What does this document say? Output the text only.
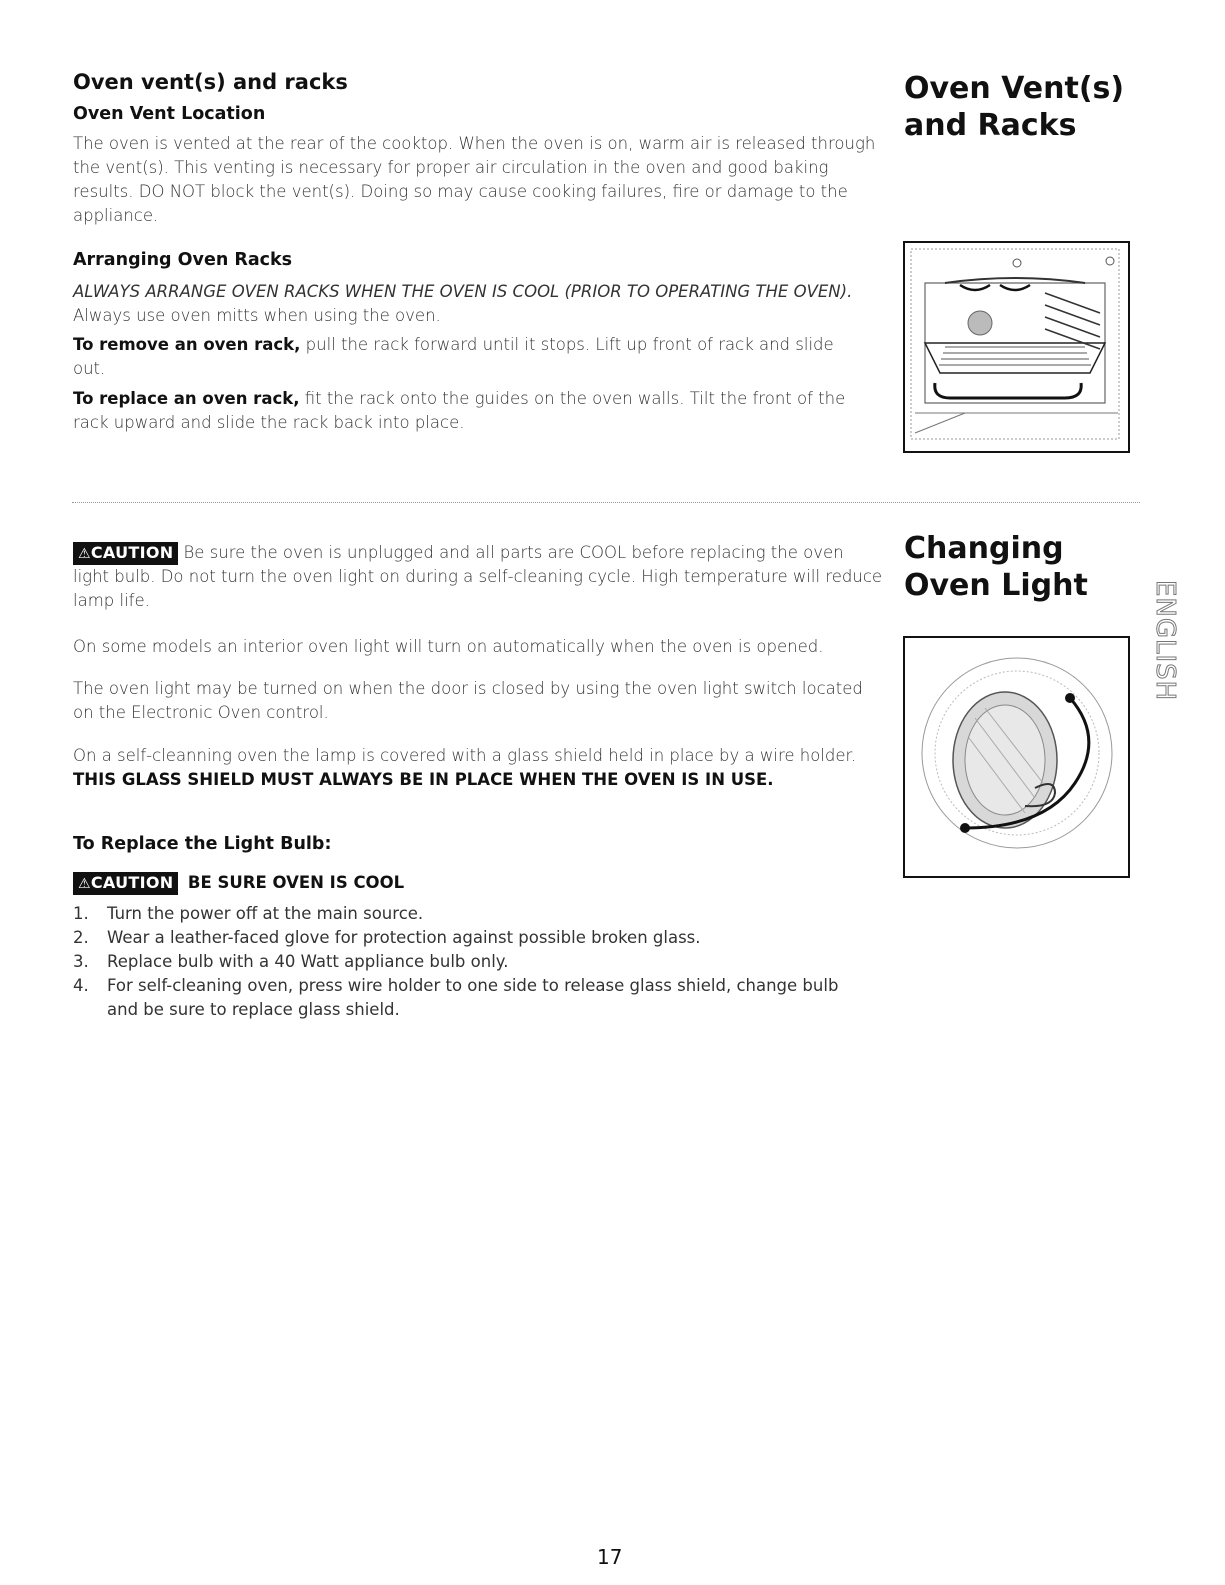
Oven vent(s) and racks
Oven Vent Location

The oven is vented at the rear of the cooktop. When the oven is on, warm air is released through the vent(s). This venting is necessary for proper air circulation in the oven and good baking results. DO NOT block the vent(s). Doing so may cause cooking failures, fire or damage to the appliance.

Arranging Oven Racks

ALWAYS ARRANGE OVEN RACKS WHEN THE OVEN IS COOL (PRIOR TO OPERATING THE OVEN). Always use oven mitts when using the oven.

To remove an oven rack, pull the rack forward until it stops. Lift up front of rack and slide out.

To replace an oven rack, fit the rack onto the guides on the oven walls. Tilt the front of the rack upward and slide the rack back into place.

Oven Vent(s) and Racks

⚠CAUTION Be sure the oven is unplugged and all parts are COOL before replacing the oven light bulb. Do not turn the oven light on during a self-cleaning cycle. High temperature will reduce lamp life.

On some models an interior oven light will turn on automatically when the oven is opened.

The oven light may be turned on when the door is closed by using the oven light switch located on the Electronic Oven control.

On a self-cleanning oven the lamp is covered with a glass shield held in place by a wire holder.

THIS GLASS SHIELD MUST ALWAYS BE IN PLACE WHEN THE OVEN IS IN USE.
To Replace the Light Bulb:
⚠CAUTION BE SURE OVEN IS COOL
1. Turn the power off at the main source.
2. Wear a leather-faced glove for protection against possible broken glass.
3. Replace bulb with a 40 Watt appliance bulb only.
4. For self-cleaning oven, press wire holder to one side to release glass shield, change bulb and be sure to replace glass shield.
Changing Oven Light	ENGLISH
17
